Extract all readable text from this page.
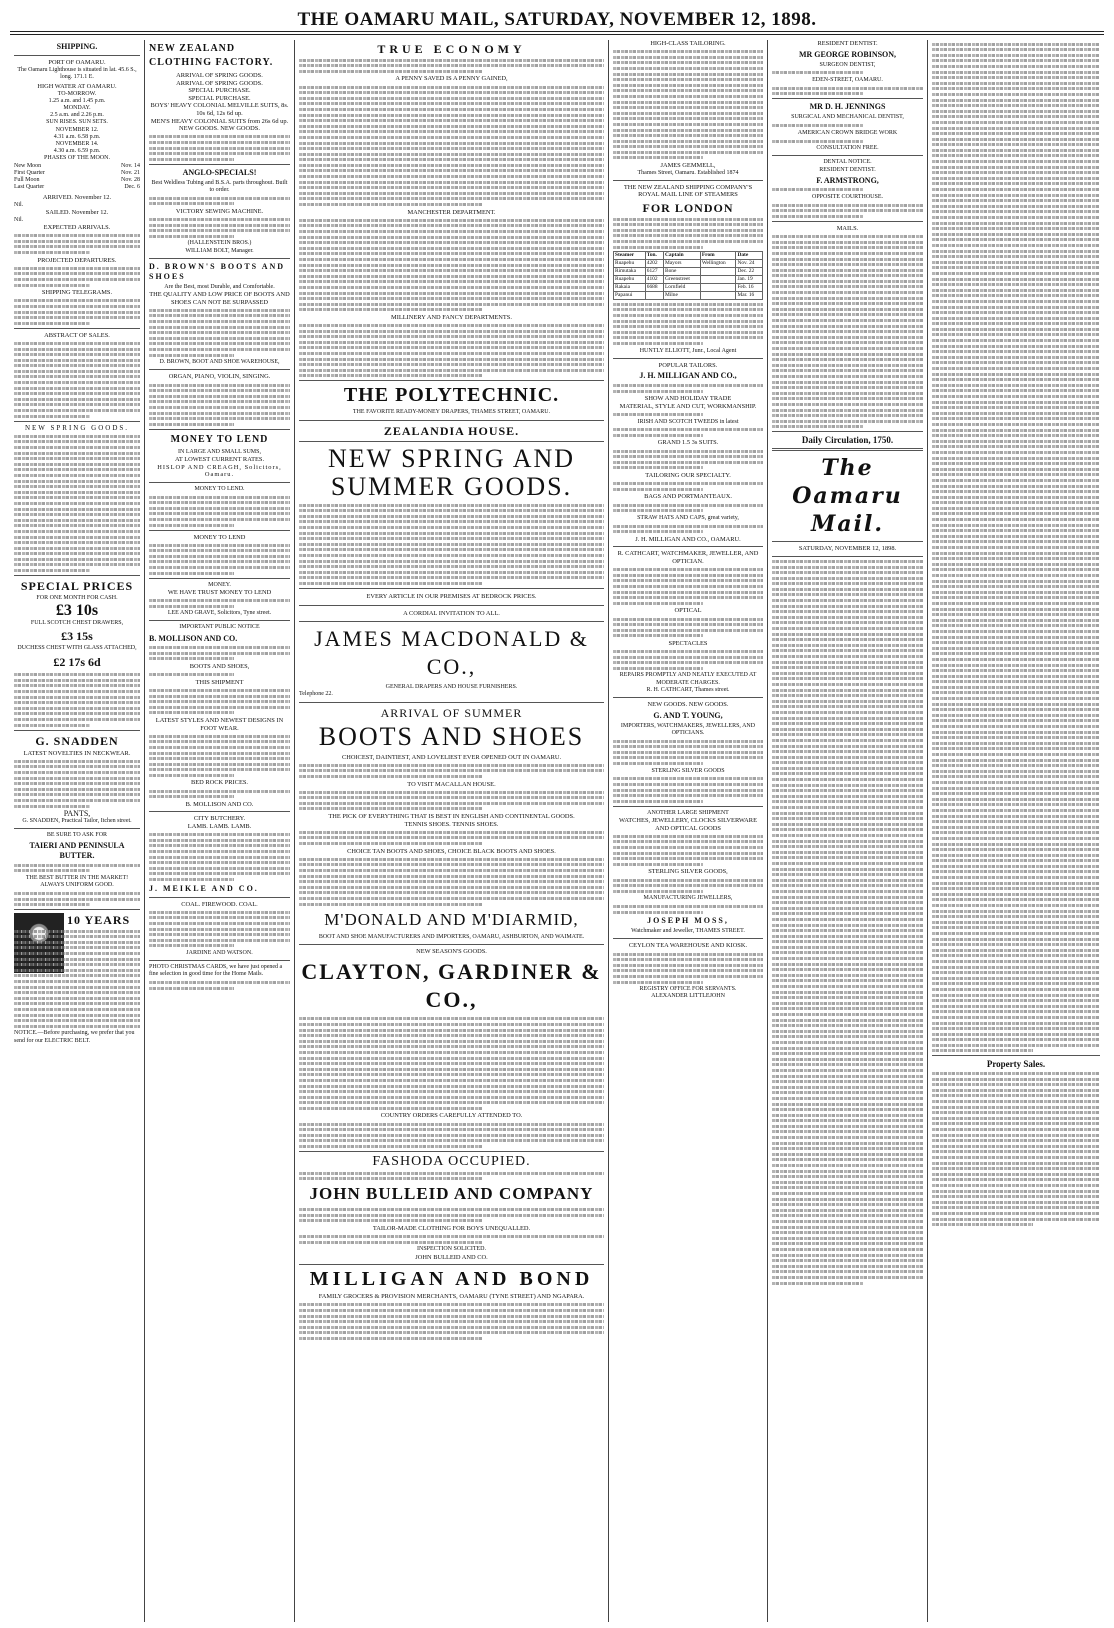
THE OAMARU MAIL, SATURDAY, NOVEMBER 12, 1898.
SHIPPING.
PORT OF OAMARU.
The Oamaru Lighthouse is situated in lat. 45.6 S., long. 171.1 E.
HIGH WATER AT OAMARU.
TO-MORROW.
1.25 a.m. and 1.45 p.m.
MONDAY.
2.5 a.m. and 2.26 p.m.
SUN RISES. SUN SETS.
NOVEMBER 12.
4.31 a.m. 6.58 p.m.
NOVEMBER 14.
4.30 a.m. 6.59 p.m.
PHASES OF THE MOON.
New Moon	Nov. 14
First Quarter	Nov. 21
Full Moon	Nov. 28
Last Quarter	Dec. 6
ARRIVED. November 12.
Nil.
SAILED. November 12.
Nil.
EXPECTED ARRIVALS.
PROJECTED DEPARTURES.
SHIPPING TELEGRAMS.
ABSTRACT OF SALES.
NEW SPRING GOODS.
SPECIAL PRICES
FOR ONE MONTH FOR CASH.
£3 10s
FULL SCOTCH CHEST DRAWERS,
£3 15s
DUCHESS CHEST WITH GLASS ATTACHED,
£2 17s 6d
G. SNADDEN
LATEST NOVELTIES IN NECKWEAR.
PANTS,
G. SNADDEN, Practical Tailor, Itchen street.
BE SURE TO ASK FOR
TAIERI AND PENINSULA BUTTER.
THE BEST BUTTER IN THE MARKET! ALWAYS UNIFORM GOOD.
10 YEARS
NOTICE.—Before purchasing, we prefer that you send for our ELECTRIC BELT.
NEW ZEALAND CLOTHING FACTORY.
ARRIVAL OF SPRING GOODS.
ARRIVAL OF SPRING GOODS.
SPECIAL PURCHASE.
SPECIAL PURCHASE.
BOYS' HEAVY COLONIAL MELVILLE SUITS, 8s. 10s 6d, 12s 6d up.
MEN'S HEAVY COLONIAL SUITS from 26s 6d up.
NEW GOODS. NEW GOODS.
ANGLO-SPECIALS!
Best Weldless Tubing and B.S.A. parts throughout. Built to order.
VICTORY SEWING MACHINE.
(HALLENSTEIN BROS.)
WILLIAM BOLT, Manager.
D. BROWN'S BOOTS AND SHOES
Are the Best, most Durable, and Comfortable.
THE QUALITY AND LOW PRICE OF BOOTS AND SHOES CAN NOT BE SURPASSED
D. BROWN, BOOT AND SHOE WAREHOUSE,
ORGAN, PIANO, VIOLIN, SINGING.
MONEY TO LEND
IN LARGE AND SMALL SUMS,
AT LOWEST CURRENT RATES.
HISLOP AND CREAGH, Solicitors, Oamaru.
MONEY TO LEND.
MONEY TO LEND
MONEY.
WE HAVE TRUST MONEY TO LEND
LEE AND GRAVE, Solicitors, Tyne street.
IMPORTANT PUBLIC NOTICE
B. MOLLISON AND CO.
BOOTS AND SHOES,
THIS SHIPMENT
LATEST STYLES AND NEWEST DESIGNS IN FOOT WEAR.
BED ROCK PRICES.
B. MOLLISON AND CO.
CITY BUTCHERY.
LAMB. LAMB. LAMB.
J. MEIKLE AND CO.
COAL. FIREWOOD. COAL.
JARDINE AND WATSON.
PHOTO CHRISTMAS CARDS, we have just opened a fine selection in good time for the Home Mails.
TRUE ECONOMY
A PENNY SAVED IS A PENNY GAINED,
MANCHESTER DEPARTMENT.
MILLINERY AND FANCY DEPARTMENTS.
THE POLYTECHNIC.
THE FAVORITE READY-MONEY DRAPERS, THAMES STREET, OAMARU.
ZEALANDIA HOUSE.
NEW SPRING AND SUMMER GOODS.
EVERY ARTICLE IN OUR PREMISES AT BEDROCK PRICES.
A CORDIAL INVITATION TO ALL.
JAMES MACDONALD & CO.,
GENERAL DRAPERS AND HOUSE FURNISHERS.
Telephone 22.
ARRIVAL OF SUMMER
BOOTS AND SHOES
CHOICEST, DAINTIEST, AND LOVELIEST EVER OPENED OUT IN OAMARU.
TO VISIT MACALLAN HOUSE.
THE PICK OF EVERYTHING THAT IS BEST IN ENGLISH AND CONTINENTAL GOODS.
TENNIS SHOES. TENNIS SHOES.
CHOICE TAN BOOTS AND SHOES, CHOICE BLACK BOOTS AND SHOES.
M'DONALD AND M'DIARMID,
BOOT AND SHOE MANUFACTURERS AND IMPORTERS, OAMARU, ASHBURTON, AND WAIMATE.
NEW SEASON'S GOODS.
CLAYTON, GARDINER & CO.,
COUNTRY ORDERS CAREFULLY ATTENDED TO.
FASHODA OCCUPIED.
JOHN BULLEID AND COMPANY
TAILOR-MADE CLOTHING FOR BOYS UNEQUALLED.
INSPECTION SOLICITED.
JOHN BULLEID AND CO.
MILLIGAN AND BOND
FAMILY GROCERS & PROVISION MERCHANTS, OAMARU (TYNE STREET) AND NGAPARA.
HIGH-CLASS TAILORING.
JAMES GEMMELL,
Thames Street, Oamaru. Established 1874
THE NEW ZEALAND SHIPPING COMPANY'S ROYAL MAIL LINE OF STEAMERS
FOR LONDON
Steamer	Ton.	Captain	From	Date
Ruapehu	4202	Mayors	Wellington	Nov. 24
Rimutaka	6127	Bone		Dec. 22
Ruapehu	4102	Greenstreet		Jan. 19
Rakaia	6688	Lornfield		Feb. 16
Papanui		Milne		Mar. 16
HUNTLY ELLIOTT, Junr., Local Agent
POPULAR TAILORS.
J. H. MILLIGAN AND CO.,
SHOW AND HOLIDAY TRADE
MATERIAL, STYLE AND CUT, WORKMANSHIP.
IRISH AND SCOTCH TWEEDS in latest
GRAND 1.5 3s SUITS.
TAILORING OUR SPECIALTY.
BAGS AND PORTMANTEAUX.
STRAW HATS AND CAPS, great variety,
J. H. MILLIGAN AND CO., OAMARU.
R. CATHCART, WATCHMAKER, JEWELLER, AND OPTICIAN.
OPTICAL
SPECTACLES
REPAIRS PROMPTLY AND NEATLY EXECUTED AT MODERATE CHARGES.
R. H. CATHCART, Thames street.
NEW GOODS. NEW GOODS.
G. AND T. YOUNG,
IMPORTERS, WATCHMAKERS, JEWELLERS, AND OPTICIANS.
STERLING SILVER GOODS
ANOTHER LARGE SHIPMENT
WATCHES, JEWELLERY, CLOCKS SILVERWARE AND OPTICAL GOODS
STERLING SILVER GOODS,
MANUFACTURING JEWELLERS,
JOSEPH MOSS,
Watchmaker and Jeweller, THAMES STREET.
CEYLON TEA WAREHOUSE AND KIOSK.
REGISTRY OFFICE FOR SERVANTS.
ALEXANDER LITTLEJOHN
RESIDENT DENTIST.
MR GEORGE ROBINSON,
SURGEON DENTIST,
EDEN-STREET, OAMARU.
MR D. H. JENNINGS
SURGICAL AND MECHANICAL DENTIST,
AMERICAN CROWN BRIDGE WORK
CONSULTATION FREE.
DENTAL NOTICE.
RESIDENT DENTIST.
F. ARMSTRONG,
OPPOSITE COURTHOUSE.
MAILS.
Daily Circulation, 1750.
The Oamaru Mail.
SATURDAY, NOVEMBER 12, 1898.
Property Sales.
